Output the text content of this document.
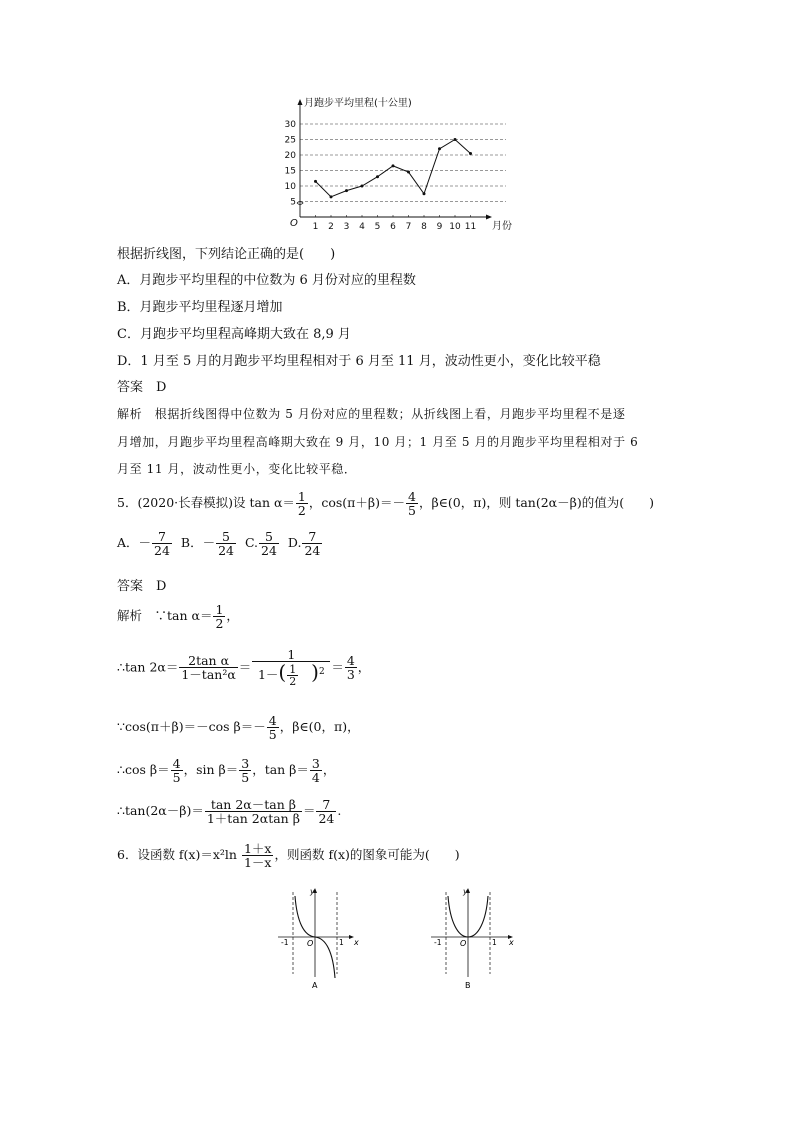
月跑步平均里程(十公里)
5
10
15
20
25
30
1 2 3 4 5 6 7 8 9 10 11
O	月份
根据折线图，下列结论正确的是(　　)
A．月跑步平均里程的中位数为 6 月份对应的里程数
B．月跑步平均里程逐月增加
C．月跑步平均里程高峰期大致在 8,9 月
D．1 月至 5 月的月跑步平均里程相对于 6 月至 11 月，波动性更小，变化比较平稳
答案　D
解析　根据折线图得中位数为 5 月份对应的里程数；从折线图上看，月跑步平均里程不是逐
月增加，月跑步平均里程高峰期大致在 9 月，10 月；1 月至 5 月的月跑步平均里程相对于 6
月至 11 月，波动性更小，变化比较平稳．
5．(2020·长春模拟)设 $\tan \alpha= \frac{1}{2}$ ，$\cos(\pi+\beta)=- \frac{4}{5}$ ，β∈(0，π)，则 tan(2α－β)的值为(　　)
A．－ $\frac{7}{24}$ B．－ $\frac{5}{24} C$. $\frac{5}{24} D$. $\frac{7}{24}$
答案　D
解析　∵tan $\alpha= \frac{1}{2}$ ，
∴tan $2\alpha= \frac{\text{2tan α}}{\text{1－tan²α}} = \frac{1}{1-( \frac{1}{2} )^2} = \frac{4}{3}$ ，
∵cos(π＋β)＝－cos $\beta=- \frac{4}{5}$ ，β∈(0，π)，
∴cos $\beta= \frac{4}{5}$ ，$\sin \beta= \frac{3}{5}$ ，$\tan \beta= \frac{3}{4}$ ，
∴tan(2α－β)＝ $\frac{\text{tan 2α－tan β}}{\text{1＋tan 2αtan β}} = \frac{7}{24}$ .
6．设函数 $f(x)=x^2\ln \frac{1+x}{1-x}$ ，则函数 f(x)的图象可能为(　　)
y
x
-1	1
O
A
y
x
-1	1
O
B
